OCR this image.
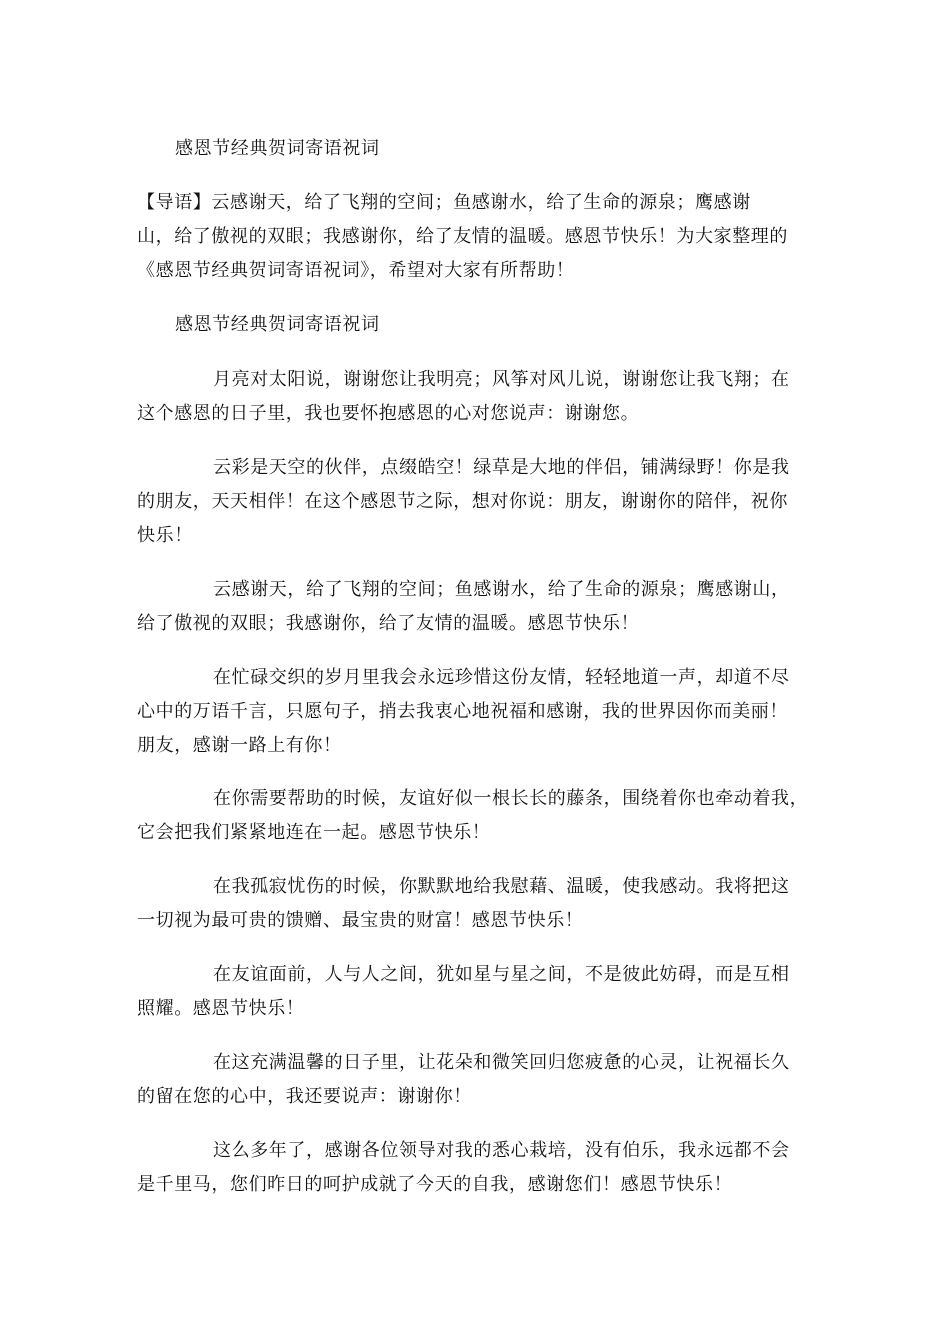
感恩节经典贺词寄语祝词
【导语】云感谢天，给了飞翔的空间；鱼感谢水，给了生命的源泉；鹰感谢
山，给了傲视的双眼；我感谢你，给了友情的温暖。感恩节快乐！为大家整理的
《感恩节经典贺词寄语祝词》，希望对大家有所帮助！
感恩节经典贺词寄语祝词
月亮对太阳说，谢谢您让我明亮；风筝对风儿说，谢谢您让我飞翔；在
这个感恩的日子里，我也要怀抱感恩的心对您说声：谢谢您。
云彩是天空的伙伴，点缀皓空！绿草是大地的伴侣，铺满绿野！你是我
的朋友，天天相伴！在这个感恩节之际，想对你说：朋友，谢谢你的陪伴，祝你
快乐！
云感谢天，给了飞翔的空间；鱼感谢水，给了生命的源泉；鹰感谢山，
给了傲视的双眼；我感谢你，给了友情的温暖。感恩节快乐！
在忙碌交织的岁月里我会永远珍惜这份友情，轻轻地道一声，却道不尽
心中的万语千言，只愿句子，捎去我衷心地祝福和感谢，我的世界因你而美丽！
朋友，感谢一路上有你！
在你需要帮助的时候，友谊好似一根长长的藤条，围绕着你也牵动着我，
它会把我们紧紧地连在一起。感恩节快乐！
在我孤寂忧伤的时候，你默默地给我慰藉、温暖，使我感动。我将把这
一切视为最可贵的馈赠、最宝贵的财富！感恩节快乐！
在友谊面前，人与人之间，犹如星与星之间，不是彼此妨碍，而是互相
照耀。感恩节快乐！
在这充满温馨的日子里，让花朵和微笑回归您疲惫的心灵，让祝福长久
的留在您的心中，我还要说声：谢谢你！
这么多年了，感谢各位领导对我的悉心栽培，没有伯乐，我永远都不会
是千里马，您们昨日的呵护成就了今天的自我，感谢您们！感恩节快乐！
